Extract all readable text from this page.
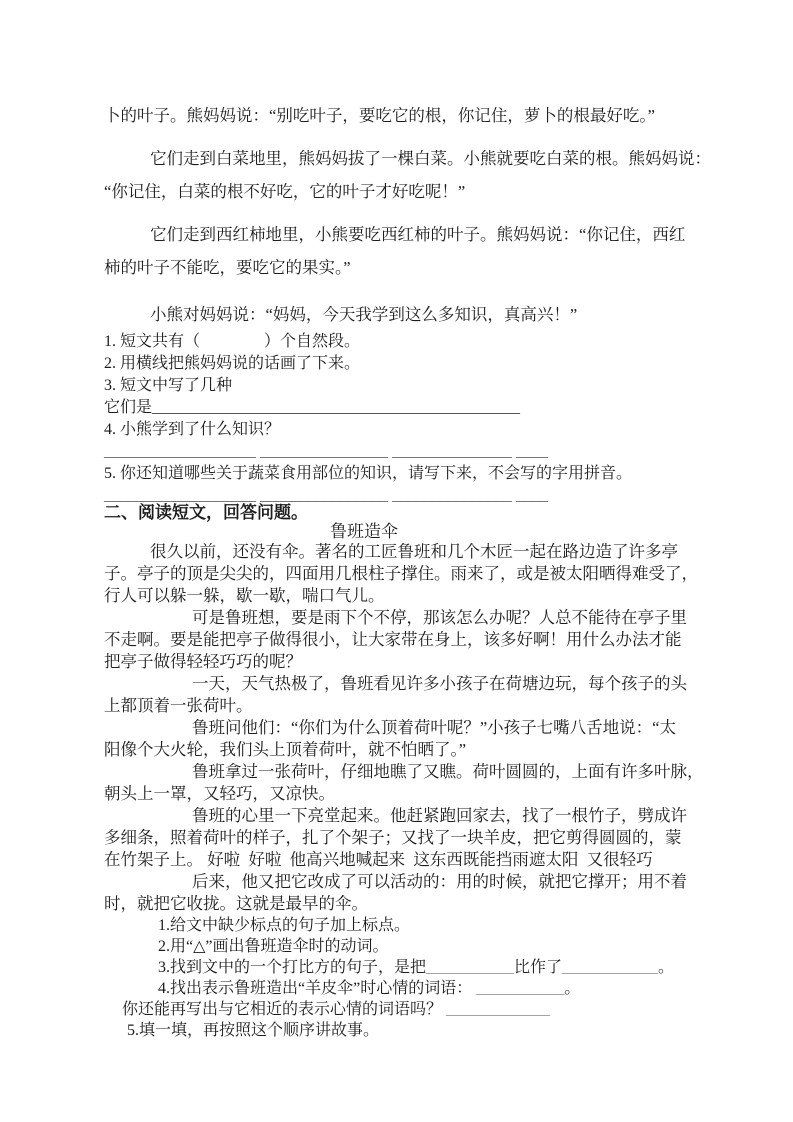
卜的叶子。熊妈妈说：“别吃叶子，要吃它的根，你记住，萝卜的根最好吃。”
它们走到白菜地里，熊妈妈拔了一棵白菜。小熊就要吃白菜的根。熊妈妈说：
“你记住，白菜的根不好吃，它的叶子才好吃呢！”
它们走到西红柿地里，小熊要吃西红柿的叶子。熊妈妈说：“你记住，西红
柿的叶子不能吃，要吃它的果实。”
小熊对妈妈说：“妈妈，今天我学到这么多知识，真高兴！”
1. 短文共有（　　　　）个自然段。
2. 用横线把熊妈妈说的话画了下来。
3. 短文中写了几种
它们是______________________________________________
4. 小熊学到了什么知识？
___________________ ________________ _______________ ____
5. 你还知道哪些关于蔬菜食用部位的知识，请写下来，不会写的字用拼音。
___________________ ________________ _______________ ____
二、阅读短文，回答问题。
鲁班造伞
很久以前，还没有伞。著名的工匠鲁班和几个木匠一起在路边造了许多亭
子。亭子的顶是尖尖的，四面用几根柱子撑住。雨来了，或是被太阳晒得难受了，
行人可以躲一躲，歇一歇，喘口气儿。
可是鲁班想，要是雨下个不停，那该怎么办呢？人总不能待在亭子里
不走啊。要是能把亭子做得很小，让大家带在身上，该多好啊！用什么办法才能
把亭子做得轻轻巧巧的呢？
一天，天气热极了，鲁班看见许多小孩子在荷塘边玩，每个孩子的头
上都顶着一张荷叶。
鲁班问他们：“你们为什么顶着荷叶呢？”小孩子七嘴八舌地说：“太
阳像个大火轮，我们头上顶着荷叶，就不怕晒了。”
鲁班拿过一张荷叶，仔细地瞧了又瞧。荷叶圆圆的，上面有许多叶脉，
朝头上一罩，又轻巧，又凉快。
鲁班的心里一下亮堂起来。他赶紧跑回家去，找了一根竹子，劈成许
多细条，照着荷叶的样子，扎了个架子；又找了一块羊皮，把它剪得圆圆的，蒙
在竹架子上。 好啦  好啦  他高兴地喊起来  这东西既能挡雨遮太阳  又很轻巧
后来，他又把它改成了可以活动的：用的时候，就把它撑开；用不着
时，就把它收拢。这就是最早的伞。
1.给文中缺少标点的句子加上标点。
2.用“△”画出鲁班造伞时的动词。
3.找到文中的一个打比方的句子，是把___________比作了____________。
4.找出表示鲁班造出“羊皮伞”时心情的词语： ___________。
你还能再写出与它相近的表示心情的词语吗？ _____________
5.填一填，再按照这个顺序讲故事。
